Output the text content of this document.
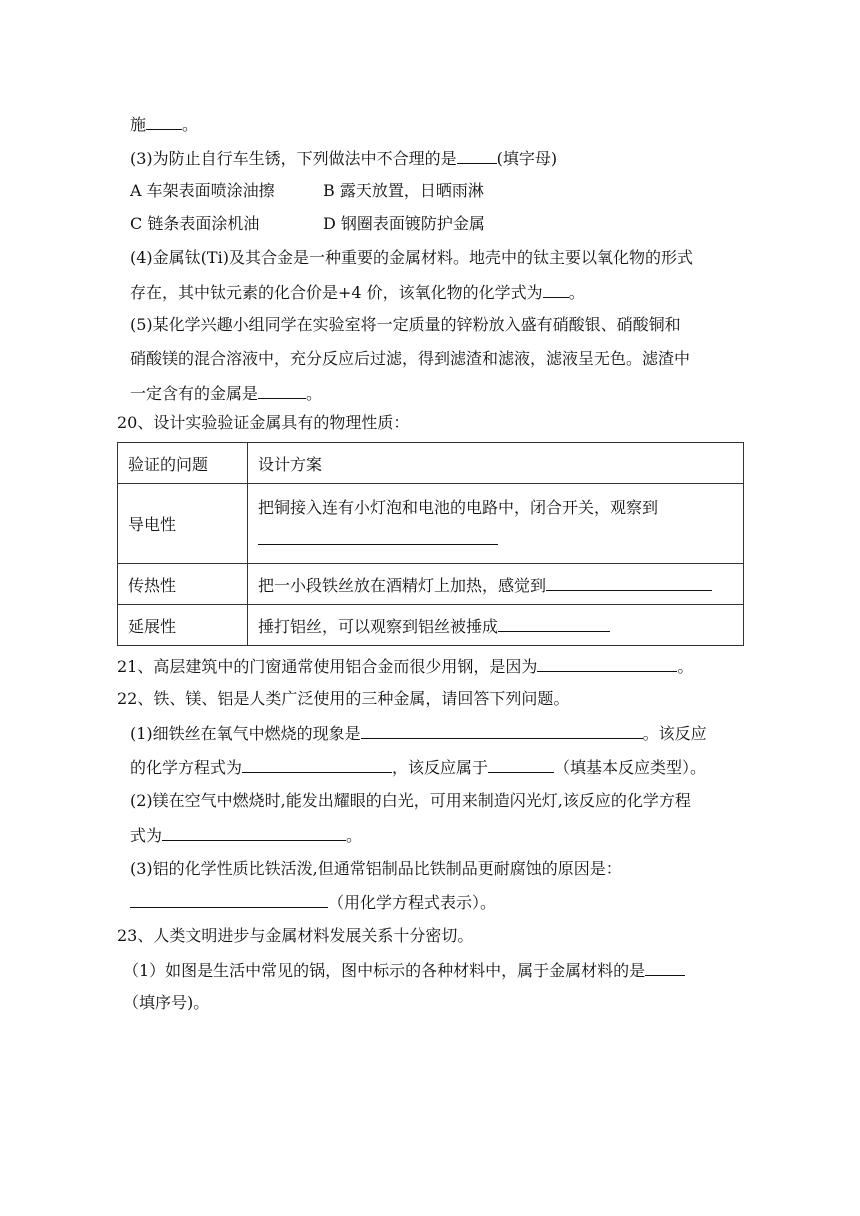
施 。
(3)为防止自行车生锈，下列做法中不合理的是	(填字母)
A 车架表面喷涂油擦	B 露天放置，日晒雨淋
C 链条表面涂机油	D 钢圈表面镀防护金属
(4)金属钛(Ti)及其合金是一种重要的金属材料。地壳中的钛主要以氧化物的形式
存在，其中钛元素的化合价是+4 价，该氧化物的化学式为 。
(5)某化学兴趣小组同学在实验室将一定质量的锌粉放入盛有硝酸银、硝酸铜和
硝酸镁的混合溶液中，充分反应后过滤，得到滤渣和滤液，滤液呈无色。滤渣中
一定含有的金属是	。
20、设计实验验证金属具有的物理性质：
验证的问题	设计方案
导电性	把铜接入连有小灯泡和电池的电路中，闭合开关，观察到

传热性	把一小段铁丝放在酒精灯上加热，感觉到
延展性	捶打铝丝，可以观察到铝丝被捶成
21、高层建筑中的门窗通常使用铝合金而很少用钢，是因为	。
22、铁、镁、铝是人类广泛使用的三种金属，请回答下列问题。
(1)细铁丝在氧气中燃烧的现象是	。该反应
的化学方程式为	，该反应属于	（填基本反应类型）。
(2)镁在空气中燃烧时,能发出耀眼的白光，可用来制造闪光灯,该反应的化学方程
式为	。
(3)铝的化学性质比铁活泼,但通常铝制品比铁制品更耐腐蚀的原因是：
（用化学方程式表示）。
23、人类文明进步与金属材料发展关系十分密切。
（1）如图是生活中常见的锅，图中标示的各种材料中，属于金属材料的是
（填序号)。
